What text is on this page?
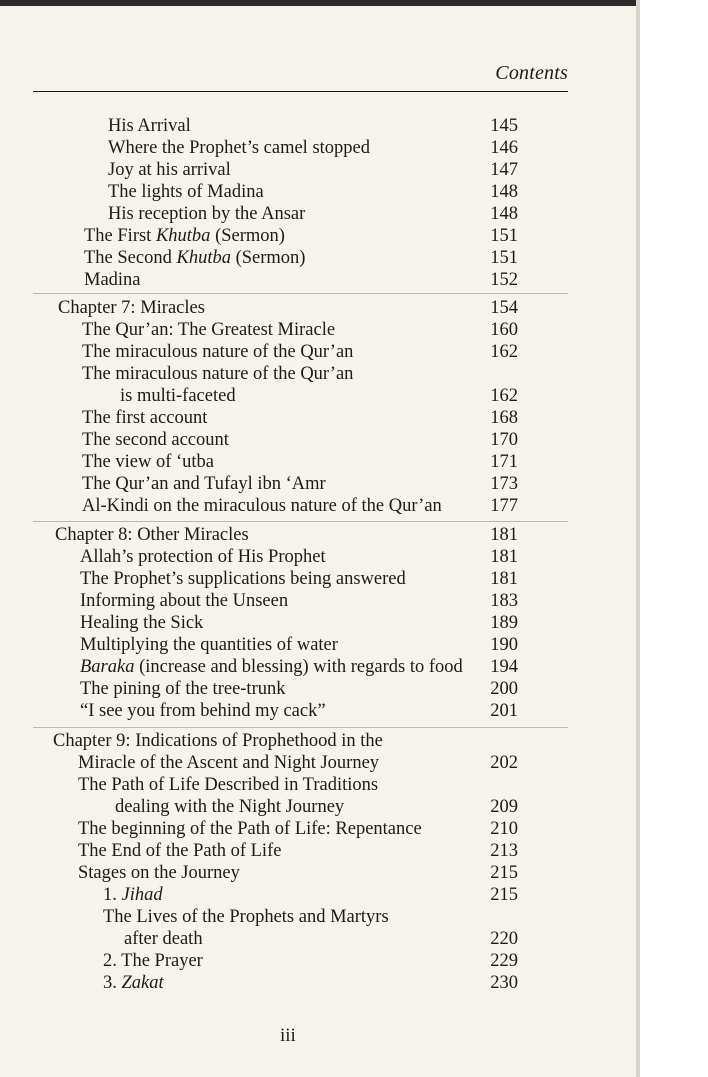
Contents
His Arrival	145
Where the Prophet’s camel stopped	146
Joy at his arrival	147
The lights of Madina	148
His reception by the Ansar	148
The First Khutba (Sermon)	151
The Second Khutba (Sermon)	151
Madina	152
Chapter 7: Miracles	154
The Qur’an: The Greatest Miracle	160
The miraculous nature of the Qur’an	162
The miraculous nature of the Qur’an
is multi-faceted	162
The first account	168
The second account	170
The view of ‘utba	171
The Qur’an and Tufayl ibn ‘Amr	173
Al-Kindi on the miraculous nature of the Qur’an	177
Chapter 8: Other Miracles	181
Allah’s protection of His Prophet	181
The Prophet’s supplications being answered	181
Informing about the Unseen	183
Healing the Sick	189
Multiplying the quantities of water	190
Baraka (increase and blessing) with regards to food 194
The pining of the tree-trunk	200
“I see you from behind my cack”	201
Chapter 9: Indications of Prophethood in the
Miracle of the Ascent and Night Journey	202
The Path of Life Described in Traditions
dealing with the Night Journey	209
The beginning of the Path of Life: Repentance	210
The End of the Path of Life	213
Stages on the Journey	215
1. Jihad	215
The Lives of the Prophets and Martyrs
after death	220
2. The Prayer	229
3. Zakat	230
iii
